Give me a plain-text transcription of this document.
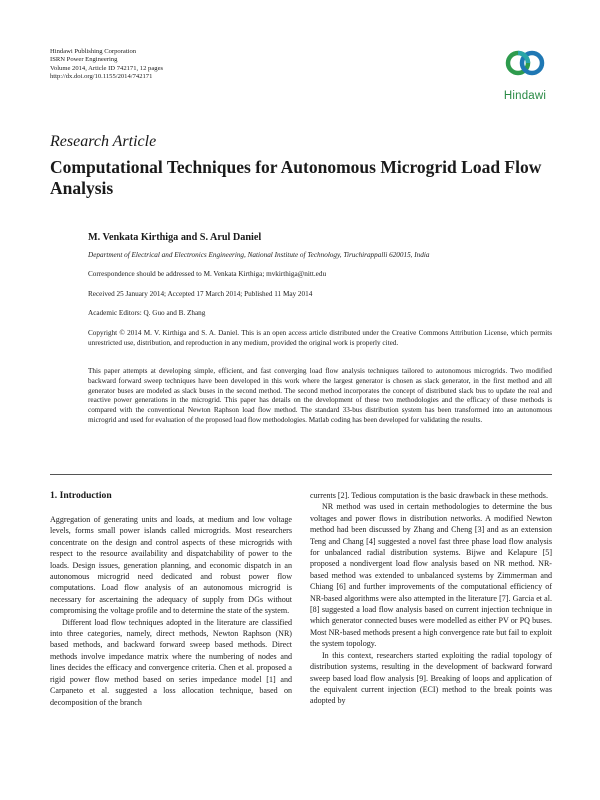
Hindawi Publishing Corporation
ISRN Power Engineering
Volume 2014, Article ID 742171, 12 pages
http://dx.doi.org/10.1155/2014/742171
Hindawi
Research Article
Computational Techniques for Autonomous Microgrid Load Flow Analysis
M. Venkata Kirthiga and S. Arul Daniel
Department of Electrical and Electronics Engineering, National Institute of Technology, Tiruchirappalli 620015, India
Correspondence should be addressed to M. Venkata Kirthiga; mvkirthiga@nitt.edu
Received 25 January 2014; Accepted 17 March 2014; Published 11 May 2014
Academic Editors: Q. Guo and B. Zhang
Copyright © 2014 M. V. Kirthiga and S. A. Daniel. This is an open access article distributed under the Creative Commons Attribution License, which permits unrestricted use, distribution, and reproduction in any medium, provided the original work is properly cited.
This paper attempts at developing simple, efficient, and fast converging load flow analysis techniques tailored to autonomous microgrids. Two modified backward forward sweep techniques have been developed in this work where the largest generator is chosen as slack generator, in the first method and all generator buses are modeled as slack buses in the second method. The second method incorporates the concept of distributed slack bus to update the real and reactive power generations in the microgrid. This paper has details on the development of these two methodologies and the efficacy of these methods is compared with the conventional Newton Raphson load flow method. The standard 33-bus distribution system has been transformed into an autonomous microgrid and used for evaluation of the proposed load flow methodologies. Matlab coding has been developed for validating the results.
1. Introduction

Aggregation of generating units and loads, at medium and low voltage levels, forms small power islands called microgrids. Most researchers concentrate on the design and control aspects of these microgrids with respect to the resource availability and dispatchability of power to the loads. Design issues, generation planning, and economic dispatch in an autonomous microgrid need dedicated and robust power flow computations. Load flow analysis of an autonomous microgrid is necessary for ascertaining the adequacy of supply from DGs without compromising the voltage profile and to determine the state of the system.

Different load flow techniques adopted in the literature are classified into three categories, namely, direct methods, Newton Raphson (NR) based methods, and backward forward sweep based methods. Direct methods involve impedance matrix where the numbering of nodes and lines decides the efficacy and convergence criteria. Chen et al. proposed a rigid power flow method based on series impedance model [1] and Carpaneto et al. suggested a loss allocation technique, based on decomposition of the branch

currents [2]. Tedious computation is the basic drawback in these methods.

NR method was used in certain methodologies to determine the bus voltages and power flows in distribution networks. A modified Newton method had been discussed by Zhang and Cheng [3] and as an extension Teng and Chang [4] suggested a novel fast three phase load flow analysis for unbalanced radial distribution systems. Bijwe and Kelapure [5] proposed a nondivergent load flow analysis based on NR method. NR-based method was extended to unbalanced systems by Zimmerman and Chiang [6] and further improvements of the computational efficiency of NR-based algorithms were also attempted in the literature [7]. Garcia et al. [8] suggested a load flow analysis based on current injection technique in which generator connected buses were modelled as either PV or PQ buses. Most NR-based methods present a high convergence rate but fail to exploit the system topology.

In this context, researchers started exploiting the radial topology of distribution systems, resulting in the development of backward forward sweep based load flow analysis [9]. Breaking of loops and application of the equivalent current injection (ECI) method to the break points was adopted by
